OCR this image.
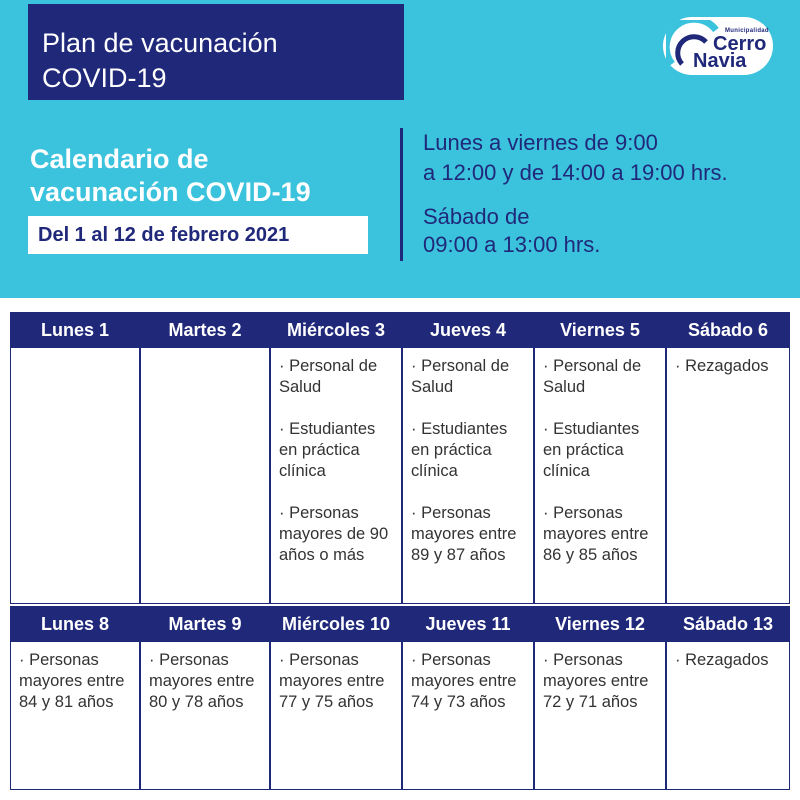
Plan de vacunación
COVID-19
Municipalidad
Cerro
Navia
Calendario de
vacunación COVID-19
Del 1 al 12 de febrero 2021
Lunes a viernes de 9:00
a 12:00 y de 14:00 a 19:00 hrs.
Sábado de
09:00 a 13:00 hrs.
Lunes 1
Lunes 8

· Personas mayores entre 84 y 81 años

Martes 2
Martes 9

· Personas mayores entre 80 y 78 años

Miércoles 3

· Personal de Salud

· Estudiantes en práctica clínica

· Personas mayores de 90 años o más

Miércoles 10

· Personas mayores entre 77 y 75 años

Jueves 4

· Personal de Salud

· Estudiantes en práctica clínica

· Personas mayores entre 89 y 87 años

Jueves 11

· Personas mayores entre 74 y 73 años

Viernes 5

· Personal de Salud

· Estudiantes en práctica clínica

· Personas mayores entre 86 y 85 años

Viernes 12

· Personas mayores entre 72 y 71 años

Sábado 6

· Rezagados

Sábado 13

· Rezagados
